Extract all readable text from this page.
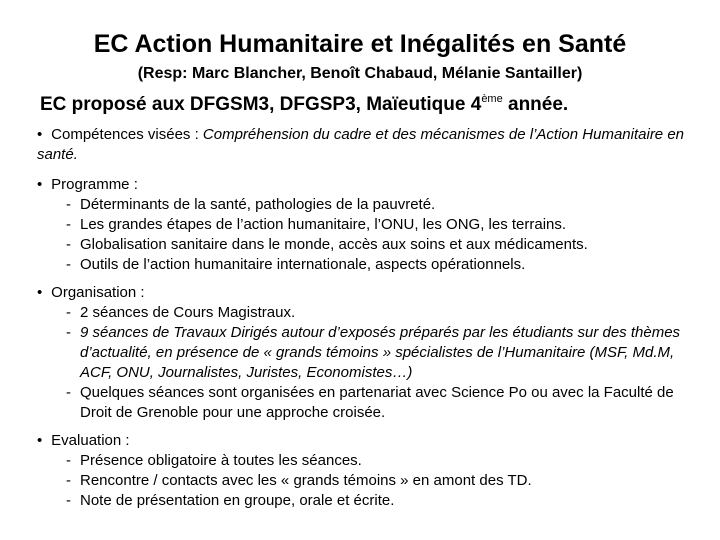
EC Action Humanitaire et Inégalités en Santé
(Resp: Marc Blancher, Benoît Chabaud, Mélanie Santailler)
EC proposé aux DFGSM3, DFGSP3, Maïeutique 4ème année.
• Compétences visées : Compréhension du cadre et des mécanismes de l’Action Humanitaire en santé.
• Programme :
- Déterminants de la santé, pathologies de la pauvreté.
- Les grandes étapes de l’action humanitaire, l’ONU, les ONG, les terrains.
- Globalisation sanitaire dans le monde, accès aux soins et aux médicaments.
- Outils de l’action humanitaire internationale, aspects opérationnels.
• Organisation :
- 2 séances de Cours Magistraux.
- 9 séances de Travaux Dirigés autour d’exposés préparés par les étudiants sur des thèmes d’actualité, en présence de « grands témoins » spécialistes de l’Humanitaire (MSF, Md.M, ACF, ONU, Journalistes, Juristes, Economistes…)
- Quelques séances sont organisées en partenariat avec Science Po ou avec la Faculté de Droit de Grenoble pour une approche croisée.
• Evaluation :
- Présence obligatoire à toutes les séances.
- Rencontre / contacts avec les « grands témoins » en amont des TD.
- Note de présentation en groupe, orale et écrite.
